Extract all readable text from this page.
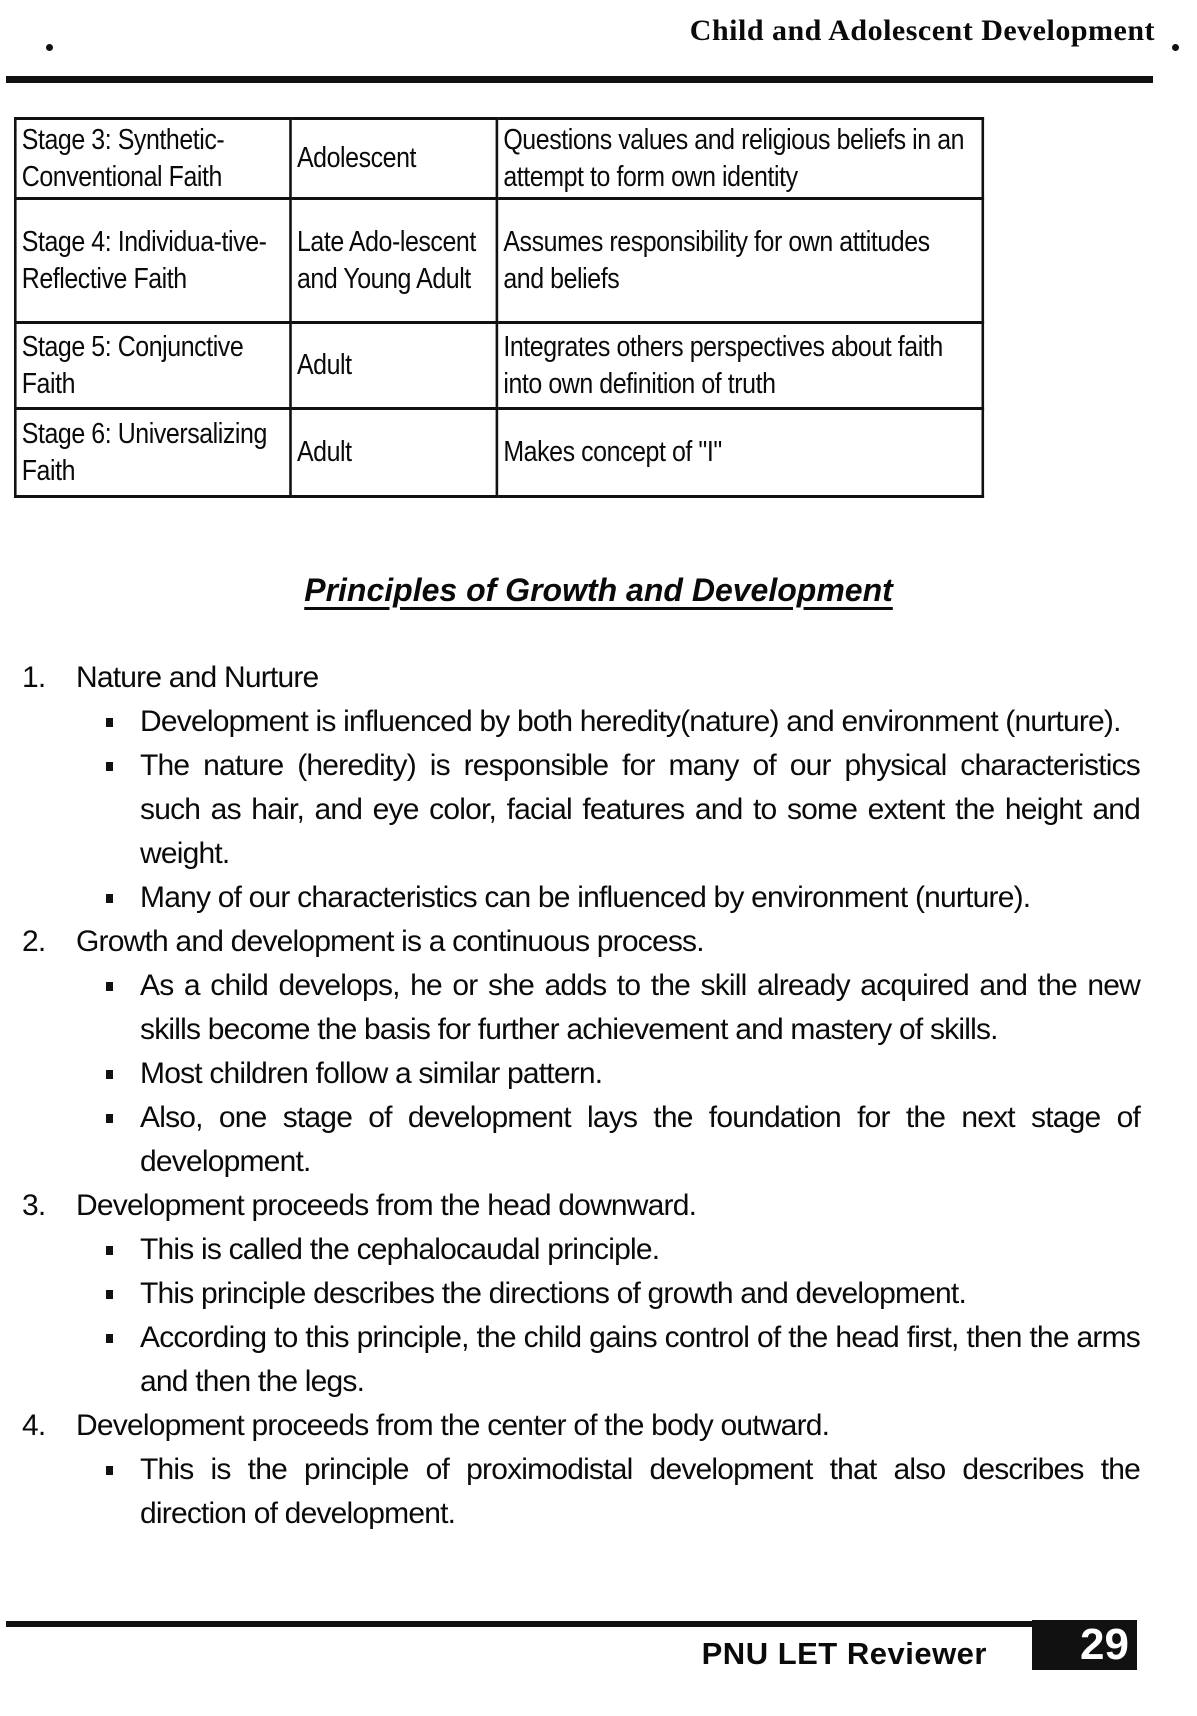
Child and Adolescent Development
Stage 3: Synthetic-Conventional Faith	Adolescent	Questions values and religious beliefs in an attempt to form own identity
Stage 4: Individua-tive-Reflective Faith	Late Ado-lescent and Young Adult	Assumes responsibility for own attitudes and beliefs
Stage 5: Conjunctive Faith	Adult	Integrates others perspectives about faith into own definition of truth
Stage 6: Universalizing Faith	Adult	Makes concept of "I"
Principles of Growth and Development
1.	Nature and Nurture
Development is influenced by both heredity(nature) and environment (nurture).
The nature (heredity) is responsible for many of our physical characteristics such as hair, and eye color, facial features and to some extent the height and weight.
Many of our characteristics can be influenced by environment (nurture).
2.	Growth and development is a continuous process.
As a child develops, he or she adds to the skill already acquired and the new skills become the basis for further achievement and mastery of skills.
Most children follow a similar pattern.
Also, one stage of development lays the foundation for the next stage of development.
3.	Development proceeds from the head downward.
This is called the cephalocaudal principle.
This principle describes the directions of growth and development.
According to this principle, the child gains control of the head first, then the arms and then the legs.
4.	Development proceeds from the center of the body outward.
This is the principle of proximodistal development that also describes the direction of development.
PNU LET Reviewer	29
